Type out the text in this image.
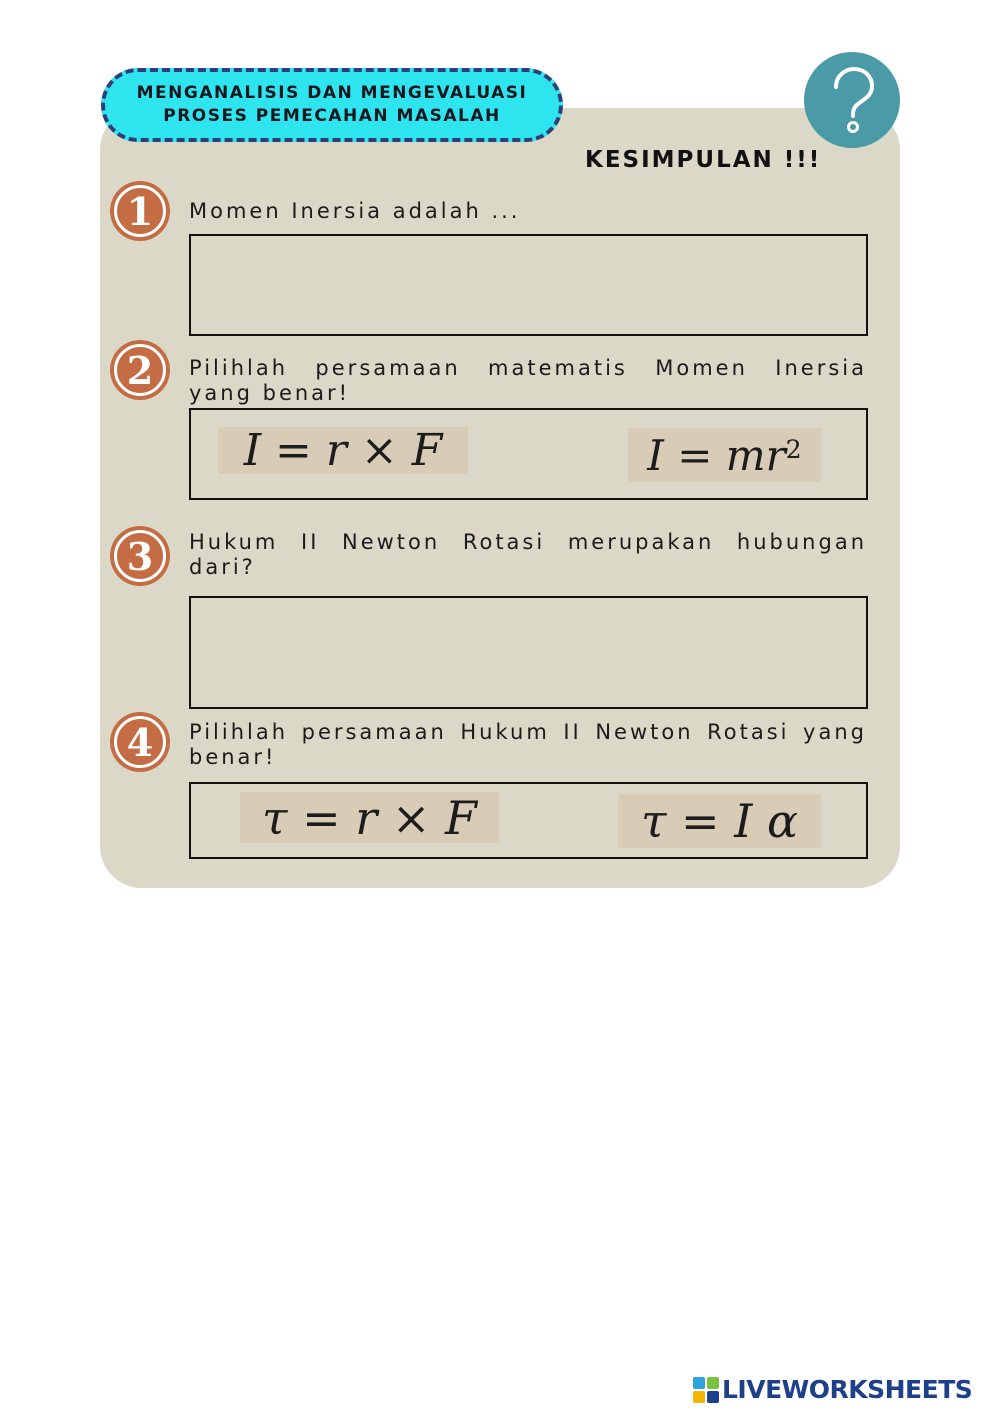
MENGANALISIS DAN MENGEVALUASI
PROSES PEMECAHAN MASALAH
KESIMPULAN !!!
1	Momen Inersia adalah ...
2	Pilihlah persamaan matematis Momen Inersia yang benar!
I = r × F	$I = mr^2$
3	Hukum II Newton Rotasi merupakan hubungan dari?
4	Pilihlah persamaan Hukum II Newton Rotasi yang benar!
τ = r × F	τ = I α
LIVEWORKSHEETS
